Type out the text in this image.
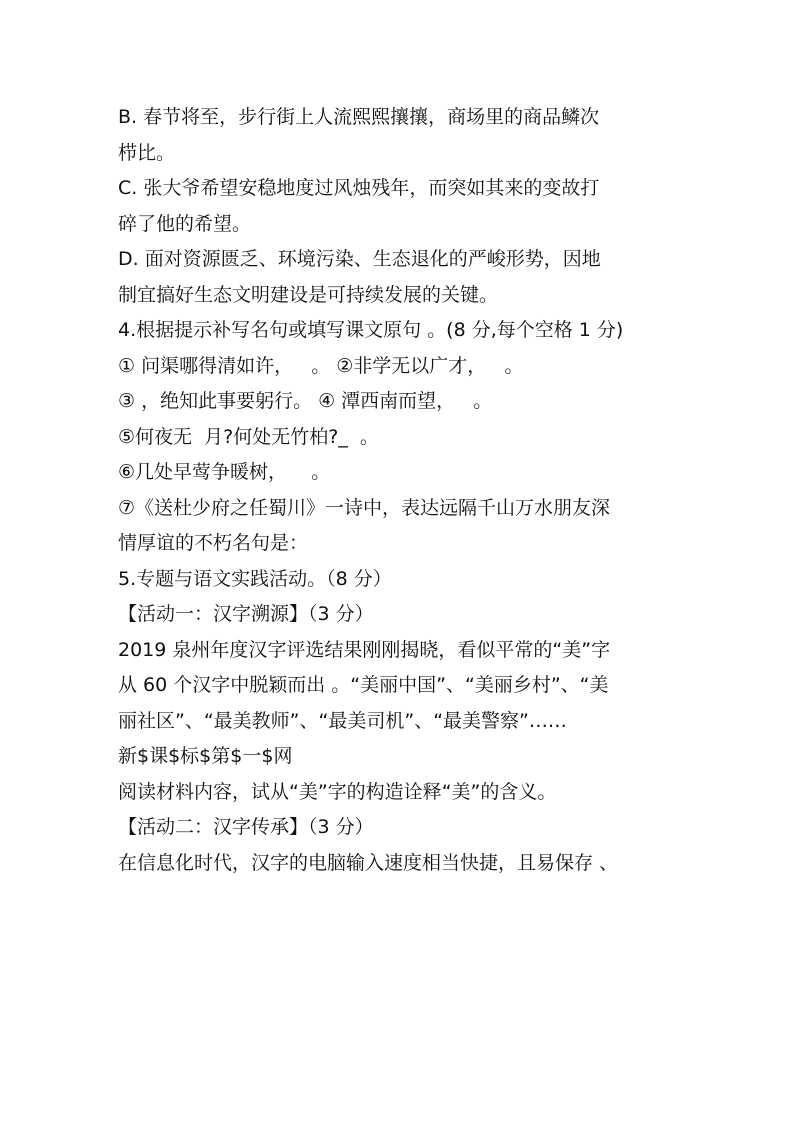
B. 春节将至，步行街上人流熙熙攘攘，商场里的商品鳞次
栉比。
C. 张大爷希望安稳地度过风烛残年，而突如其来的变故打
碎了他的希望。
D. 面对资源匮乏、环境污染、生态退化的严峻形势，因地
制宜搞好生态文明建设是可持续发展的关键。
4.根据提示补写名句或填写课文原句 。(8 分,每个空格 1 分)
① 问渠哪得清如许，   。 ②非学无以广才，   。
③ ，绝知此事要躬行。 ④ 潭西南而望，   。
⑤何夜无  月?何处无竹柏?_  。
⑥几处早莺争暖树，    。
⑦《送杜少府之任蜀川》一诗中，表达远隔千山万水朋友深
情厚谊的不朽名句是：
5.专题与语文实践活动。（8 分）
【活动一：汉字溯源】（3 分）
2019 泉州年度汉字评选结果刚刚揭晓，看似平常的“美”字
从 60 个汉字中脱颖而出 。“美丽中国”、“美丽乡村”、“美
丽社区”、“最美教师”、“最美司机”、“最美警察”……
新$课$标$第$一$网
阅读材料内容，试从“美”字的构造诠释“美”的含义。
【活动二：汉字传承】（3 分）
在信息化时代，汉字的电脑输入速度相当快捷，且易保存 、
